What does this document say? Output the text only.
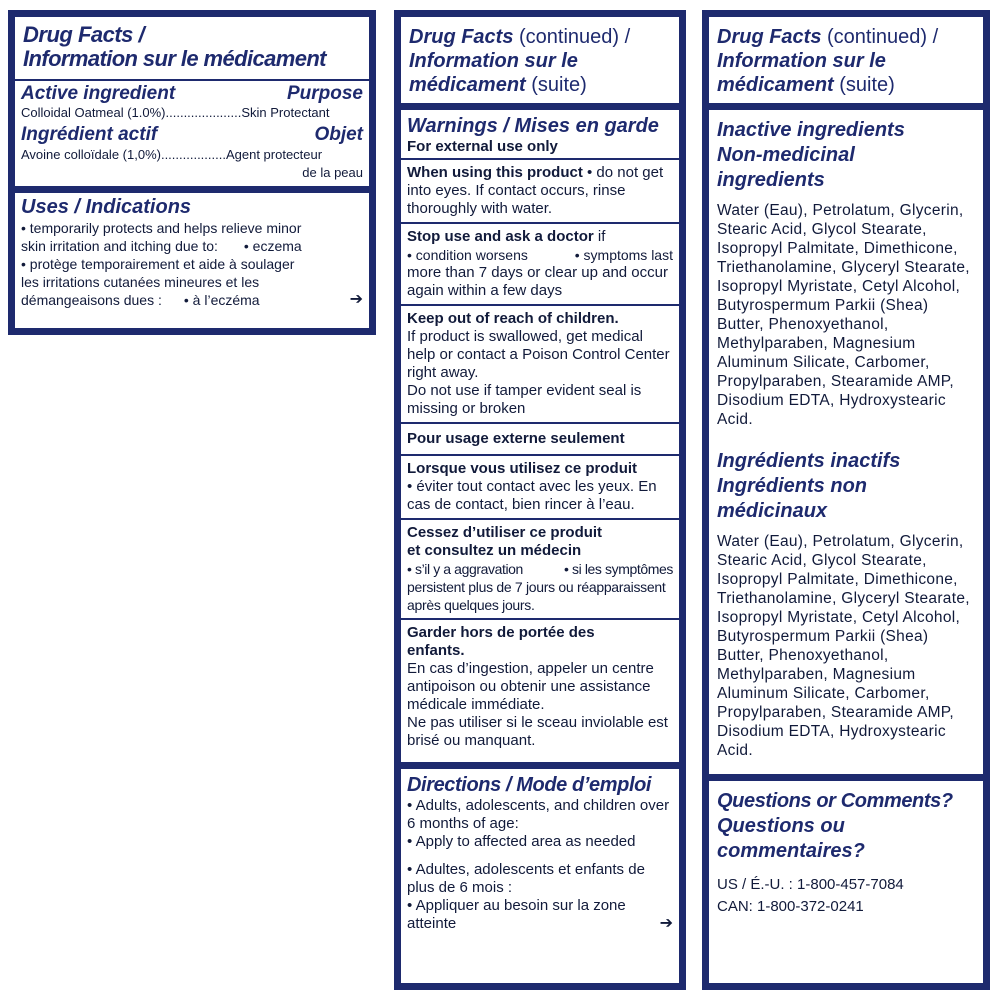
Drug Facts /
Information sur le médicament
Active ingredient	Purpose
Colloidal Oatmeal (1.0%).....................Skin Protectant
Ingrédient actif	Objet
Avoine colloïdale (1,0%)..................Agent protecteur
de la peau
Uses / Indications
• temporarily protects and helps relieve minor
skin irritation and itching due to: • eczema
• protège temporairement et aide à soulager
les irritations cutanées mineures et les
démangeaisons dues : • à l’eczéma	➔
Drug Facts (continued) /
Information sur le
médicament (suite)
Warnings / Mises en garde
For external use only
When using this product • do not get into eyes. If contact occurs, rinse thoroughly with water.
Stop use and ask a doctor if
• condition worsens	• symptoms last
more than 7 days or clear up and occur again within a few days
Keep out of reach of children.
If product is swallowed, get medical help or contact a Poison Control Center right away.
Do not use if tamper evident seal is missing or broken
Pour usage externe seulement
Lorsque vous utilisez ce produit
• éviter tout contact avec les yeux. En cas de contact, bien rincer à l’eau.
Cessez d’utiliser ce produit
et consultez un médecin
• s’il y a aggravation	• si les symptômes
persistent plus de 7 jours ou réapparaissent après quelques jours.
Garder hors de portée des enfants.
En cas d’ingestion, appeler un centre antipoison ou obtenir une assistance médicale immédiate.
Ne pas utiliser si le sceau inviolable est brisé ou manquant.
Directions / Mode d’emploi
• Adults, adolescents, and children over 6 months of age:
• Apply to affected area as needed
• Adultes, adolescents et enfants de plus de 6 mois :
• Appliquer au besoin sur la zone atteinte	➔
Drug Facts (continued) /
Information sur le
médicament (suite)
Inactive ingredients
Non-medicinal
ingredients
Water (Eau), Petrolatum, Glycerin, Stearic Acid, Glycol Stearate, Isopropyl Palmitate, Dimethicone, Triethanolamine, Glyceryl Stearate, Isopropyl Myristate, Cetyl Alcohol, Butyrospermum Parkii (Shea) Butter, Phenoxyethanol, Methylparaben, Magnesium Aluminum Silicate, Carbomer, Propylparaben, Stearamide AMP, Disodium EDTA, Hydroxystearic Acid.
Ingrédients inactifs
Ingrédients non
médicinaux
Water (Eau), Petrolatum, Glycerin, Stearic Acid, Glycol Stearate, Isopropyl Palmitate, Dimethicone, Triethanolamine, Glyceryl Stearate, Isopropyl Myristate, Cetyl Alcohol, Butyrospermum Parkii (Shea) Butter, Phenoxyethanol, Methylparaben, Magnesium Aluminum Silicate, Carbomer, Propylparaben, Stearamide AMP, Disodium EDTA, Hydroxystearic Acid.
Questions or Comments?
Questions ou
commentaires?
US / É.-U. : 1-800-457-7084
CAN: 1-800-372-0241
